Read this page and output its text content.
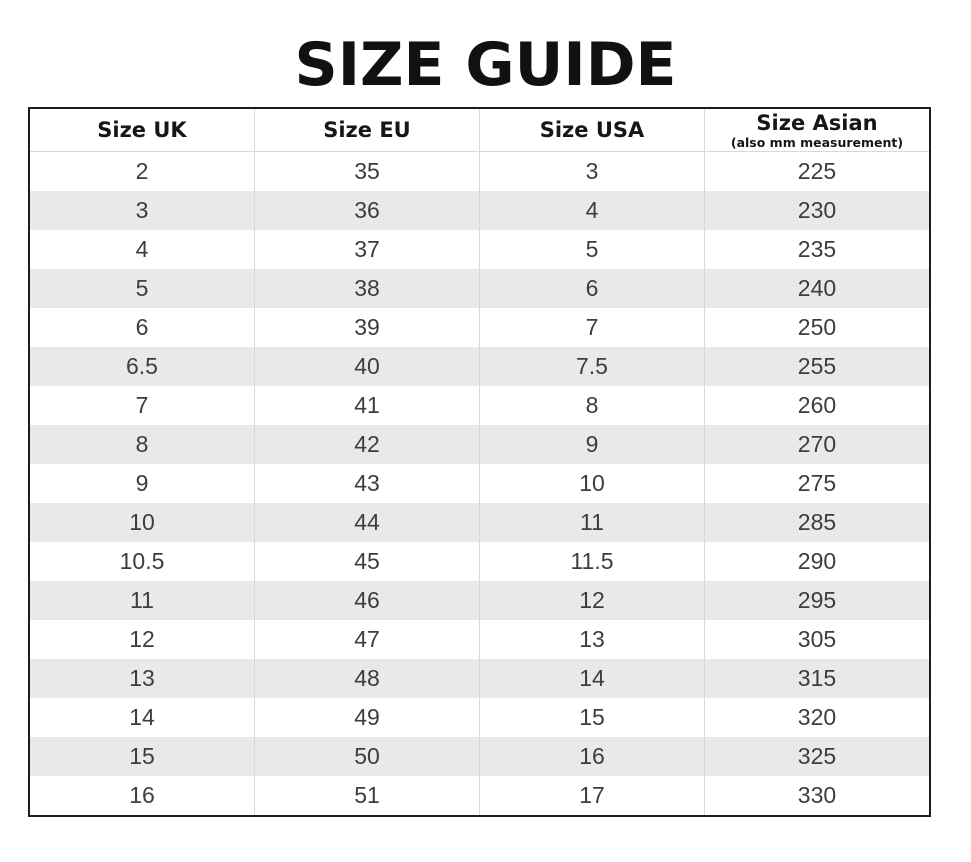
SIZE GUIDE
Size UK	Size EU	Size USA	Size Asian
(also mm measurement)

2	35	3	225
3	36	4	230
4	37	5	235
5	38	6	240
6	39	7	250
6.5	40	7.5	255
7	41	8	260
8	42	9	270
9	43	10	275
10	44	11	285
10.5	45	11.5	290
11	46	12	295
12	47	13	305
13	48	14	315
14	49	15	320
15	50	16	325
16	51	17	330
